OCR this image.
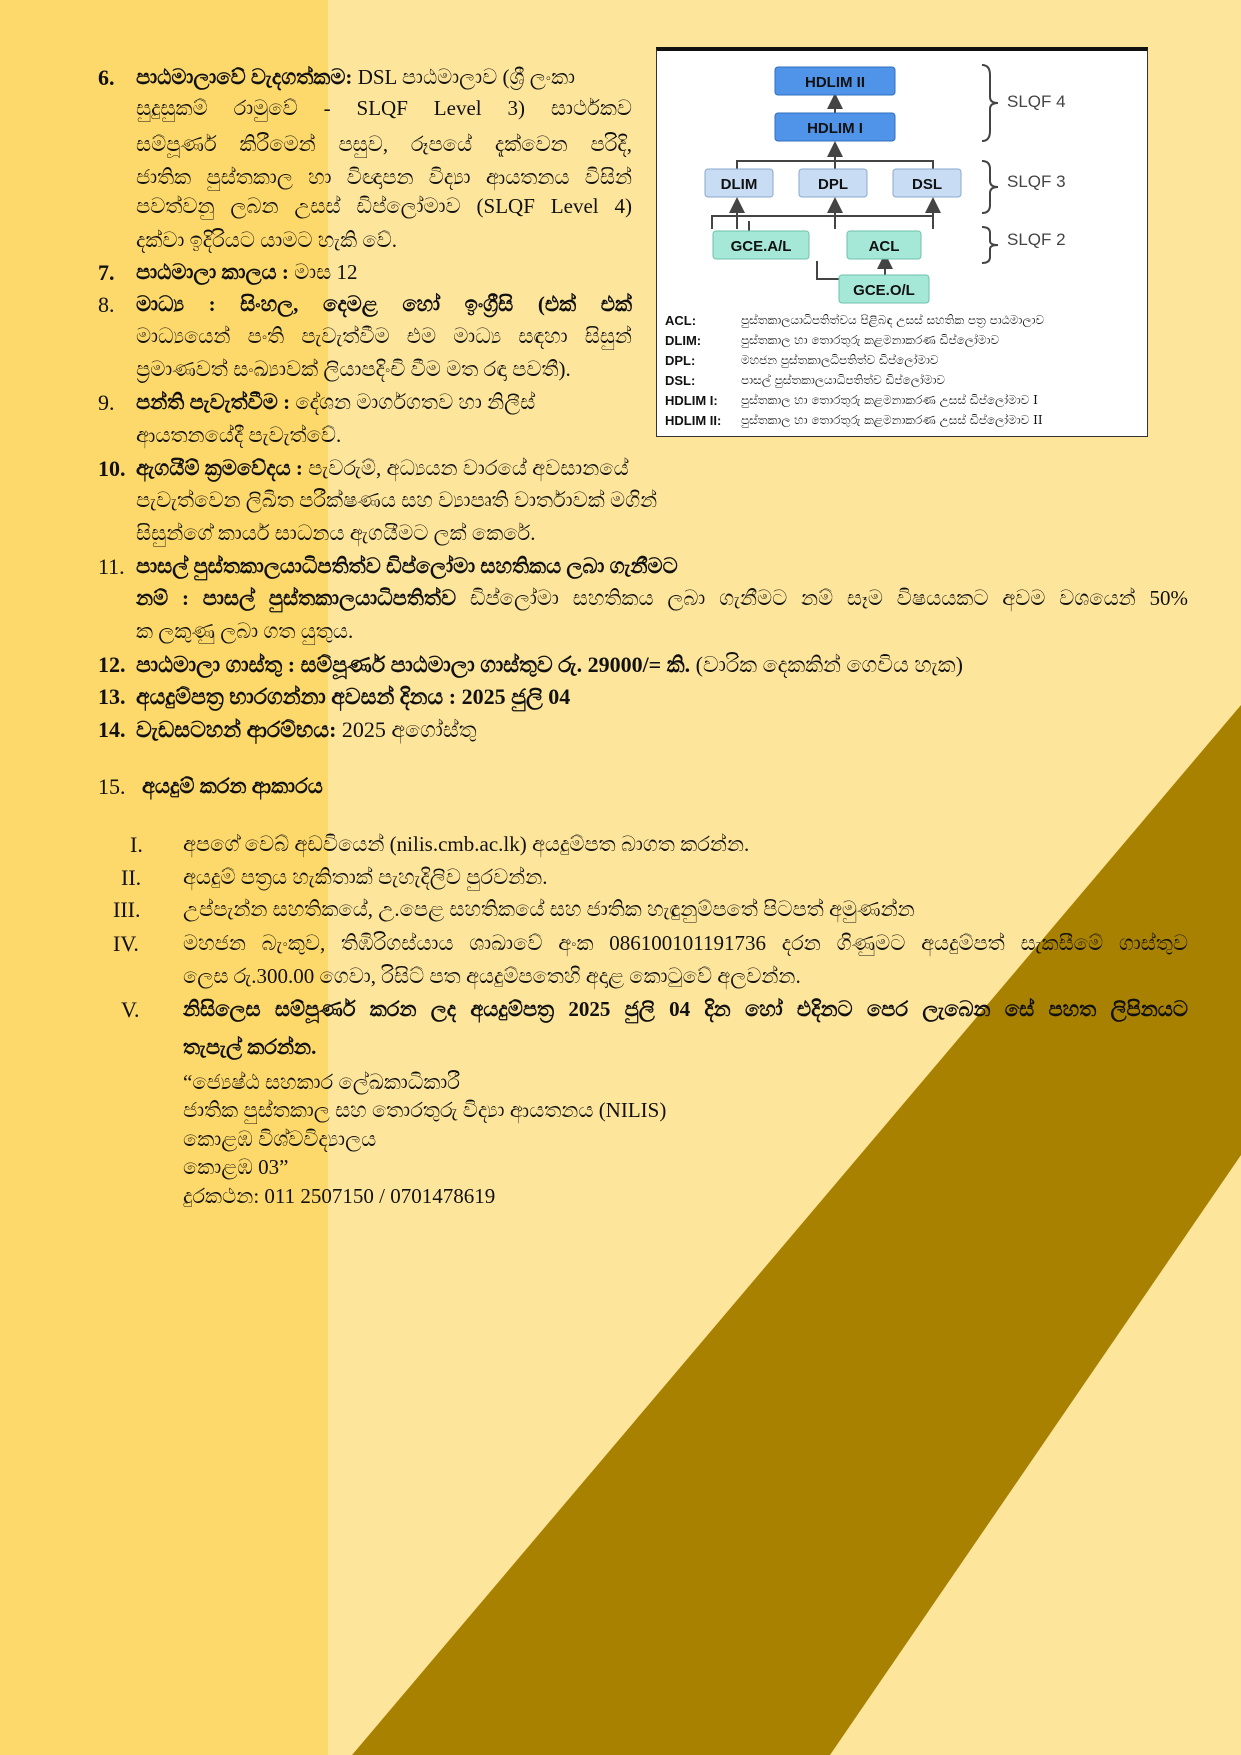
6. පාඨමාලාවේ වැදගත්කම: DSL පාඨමාලාව (ශ්‍රී ලංකා
සුදුසුකම් රාමුවේ - SLQF Level 3) සාර්ථකව
සම්පූර්ණ කිරීමෙන් පසුව, රූපයේ දැක්වෙන පරිදි,
ජාතික පුස්තකාල හා විඥාපන විද්‍යා ආයතනය විසින්
පවත්වනු ලබන උසස් ඩිප්ලෝමාව (SLQF Level 4)
දක්වා ඉදිරියට යාමට හැකි වේ.
7. පාඨමාලා කාලය : මාස 12
8. මාධ්‍ය : සිංහල, දෙමළ හෝ ඉංග්‍රීසි (එක් එක්
මාධ්‍යයෙන් පංති පැවැත්වීම එම මාධ්‍ය සඳහා සිසුන්
ප්‍රමාණවත් සංඛ්‍යාවක් ලියාපදිංචි වීම මත රඳා පවතී).
9. පන්ති පැවැත්වීම : දේශන මාර්ගගතව හා නිලීස්
ආයතනයේදී පැවැත්වේ.
10. ඇගයීම් ක්‍රමවේදය : පැවරුම්, අධ්‍යයන වාරයේ අවසානයේ
පැවැත්වෙන ලිඛිත පරීක්ෂණය සහ ව්‍යාපෘති වාර්තාවක් මගින්
සිසුන්ගේ කාර්ය සාධනය ඇගයීමට ලක් කෙරේ.
11. පාසල් පුස්තකාලයාධිපතිත්ව ඩිප්ලෝමා සහතිකය ලබා ගැනීමට
නම් : පාසල් පුස්තකාලයාධිපතිත්ව ඩිප්ලෝමා සහතිකය ලබා ගැනීමට නම් සෑම විෂයයකට අවම වශයෙන් 50%
ක ලකුණු ලබා ගත යුතුය.
12. පාඨමාලා ගාස්තු : සම්පූර්ණ පාඨමාලා ගාස්තුව රු. 29000/= කි. (වාරික දෙකකින් ගෙවිය හැක)
13. අයදුම්පත්‍ර භාරගන්නා අවසන් දිනය : 2025 ජුලි 04
14. වැඩසටහන් ආරම්භය: 2025 අගෝස්තු
15. අයදුම් කරන ආකාරය
I. අපගේ වෙබ් අඩවියෙන් (nilis.cmb.ac.lk) අයදුම්පත බාගත කරන්න.
II. අයදුම් පත්‍රය හැකිතාක් පැහැදිලිව පුරවන්න.
III. උප්පැන්න සහතිකයේ, උ.පෙළ සහතිකයේ සහ ජාතික හැඳුනුම්පතේ පිටපත් අමුණන්න
IV. මහජන බැංකුව, තිඹිරිගස්යාය ශාඛාවේ අංක 086100101191736 දරන ගිණුමට අයදුම්පත් සැකසීමේ ගාස්තුව
ලෙස රු.300.00 ගෙවා, රිසිට් පත අයදුම්පතෙහි අදාළ කොටුවේ අලවන්න.
V. නිසිලෙස සම්පූර්ණ කරන ලද අයදුම්පත්‍ර 2025 ජුලි 04 දින හෝ එදිනට පෙර ලැබෙන සේ පහත ලිපිනයට
තැපැල් කරන්න.
“ජ්‍යෙෂ්ඨ සහකාර ලේඛකාධිකාරී
ජාතික පුස්තකාල සහ තොරතුරු විද්‍යා ආයතනය (NILIS)
කොළඹ විශ්වවිද්‍යාලය
කොළඹ 03”
දුරකථන: 011 2507150 / 0701478619
HDLIM II
HDLIM I
DLIM	DPL	DSL
GCE.A/L	ACL
GCE.O/L
SLQF 4
SLQF 3
SLQF 2
ACL:	පුස්තකාලයාධිපතිත්වය පිළිබඳ උසස් සහතික පත්‍ර පාඨමාලාව
DLIM:	පුස්තකාල හා තොරතුරු කළමනාකරණ ඩිප්ලෝමාව
DPL:	මහජන පුස්තකාලධිපතිත්ව ඩිප්ලෝමාව
DSL:	පාසල් පුස්තකාලයාධිපතිත්ව ඩිප්ලෝමාව
HDLIM I: පුස්තකාල හා තොරතුරු කළමනාකරණ උසස් ඩිප්ලෝමාව I
HDLIM II: පුස්තකාල හා තොරතුරු කළමනාකරණ උසස් ඩිප්ලෝමාව II
